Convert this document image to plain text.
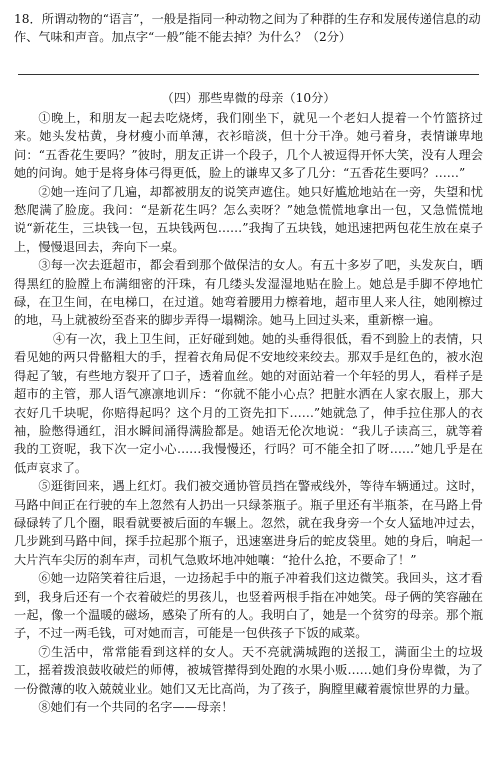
18．所谓动物的“语言”，一般是指同一种动物之间为了种群的生存和发展传递信息的动作、气味和声音。加点字“一般”能不能去掉？为什么？（2分）

（四）那些卑微的母亲（10分）

①晚上，和朋友一起去吃烧烤，我们刚坐下，就见一个老妇人提着一个竹篮挤过来。她头发枯黄，身材瘦小而单薄，衣衫暗淡，但十分干净。她弓着身，表情谦卑地问：“五香花生要吗？”彼时，朋友正讲一个段子，几个人被逗得开怀大笑，没有人理会她的问询。她于是将身体弓得更低，脸上的谦卑又多了几分：“五香花生要吗？……”

②她一连问了几遍，却都被朋友的说笑声遮住。她只好尴尬地站在一旁，失望和忧愁爬满了脸庞。我问：“是新花生吗？怎么卖呀？”她急慌慌地拿出一包，又急慌慌地说“新花生，三块钱一包，五块钱两包……”我掏了五块钱，她迅速把两包花生放在桌子上，慢慢退回去，奔向下一桌。

③每一次去逛超市，都会看到那个做保洁的女人。有五十多岁了吧，头发灰白，晒得黑红的脸膛上布满细密的汗珠，有几缕头发湿湿地贴在脸上。她总是手脚不停地忙碌，在卫生间，在电梯口，在过道。她弯着腰用力檫着地，超市里人来人往，她刚檫过的地，马上就被纷至沓来的脚步弄得一塌糊涂。她马上回过头来，重新檫一遍。

④有一次，我上卫生间，正好碰到她。她的头垂得很低，看不到脸上的表情，只看见她的两只骨骼粗大的手，捏着衣角局促不安地绞来绞去。那双手是红色的，被水泡得起了皱，有些地方裂开了口子，透着血丝。她的对面站着一个年轻的男人，看样子是超市的主管，那人语气凛凛地训斥：“你就不能小心点？把脏水洒在人家衣服上，那大衣好几千块呢，你赔得起吗？这个月的工资先扣下……”她就急了，伸手拉住那人的衣袖，脸憋得通红，泪水瞬间涌得满脸都是。她语无伦次地说：“我儿子读高三，就等着我的工资呢，我下次一定小心……我慢慢还，行吗？可不能全扣了呀……”她几乎是在低声哀求了。

⑤逛街回来，遇上红灯。我们被交通协管员挡在警戒线外，等待车辆通过。这时，马路中间正在行驶的车上忽然有人扔出一只绿茶瓶子。瓶子里还有半瓶茶，在马路上骨碌碌转了几个圈，眼看就要被后面的车辗上。忽然，就在我身旁一个女人猛地冲过去，几步跳到马路中间，探手拉起那个瓶子，迅速塞进身后的蛇皮袋里。她的身后，响起一大片汽车尖厉的刹车声，司机气急败坏地冲她嚷：“抢什么抢，不要命了！”

⑥她一边陪笑着往后退，一边扬起手中的瓶子冲着我们这边微笑。我回头，这才看到，我身后还有一个衣着破烂的男孩儿，也竖着两根手指在冲她笑。母子俩的笑容融在一起，像一个温暖的磁场，感染了所有的人。我明白了，她是一个贫穷的母亲。那个瓶子，不过一两毛钱，可对她而言，可能是一包供孩子下饭的咸菜。

⑦生活中，常常能看到这样的女人。天不亮就满城跑的送报工，满面尘土的垃圾工，摇着拨浪鼓收破烂的师傅，被城管撵得到处跑的水果小贩……她们身份卑微，为了一份微薄的收入兢兢业业。她们又无比高尚，为了孩子，胸膛里藏着震惊世界的力量。

⑧她们有一个共同的名字——母亲！
